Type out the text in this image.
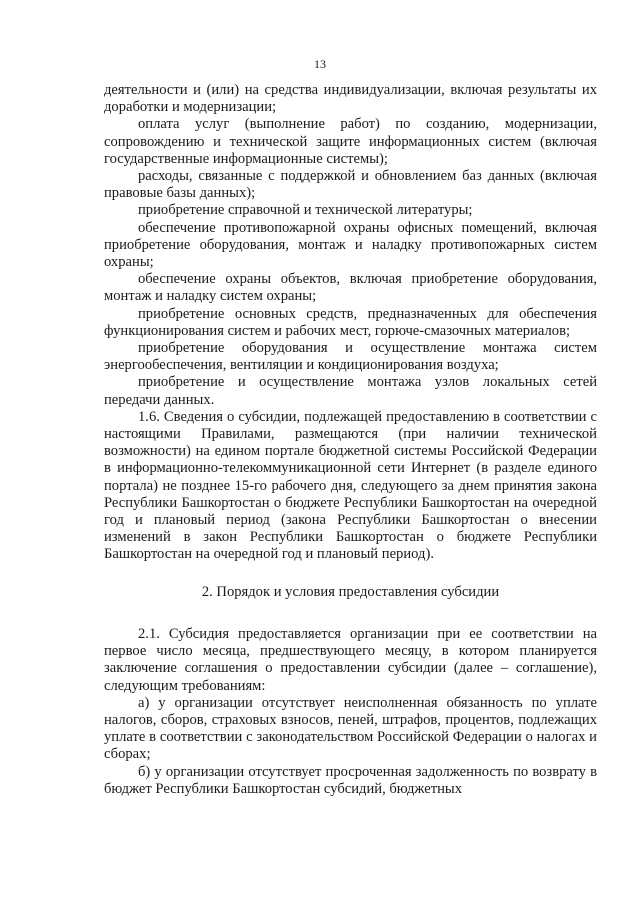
13

деятельности и (или) на средства индивидуализации, включая результаты их доработки и модернизации;

оплата услуг (выполнение работ) по созданию, модернизации, сопровождению и технической защите информационных систем (включая государственные информационные системы);

расходы, связанные с поддержкой и обновлением баз данных (включая правовые базы данных);

приобретение справочной и технической литературы;

обеспечение противопожарной охраны офисных помещений, включая приобретение оборудования, монтаж и наладку противопожарных систем охраны;

обеспечение охраны объектов, включая приобретение оборудования, монтаж и наладку систем охраны;

приобретение основных средств, предназначенных для обеспечения функционирования систем и рабочих мест, горюче-смазочных материалов;

приобретение оборудования и осуществление монтажа систем энергообеспечения, вентиляции и кондиционирования воздуха;

приобретение и осуществление монтажа узлов локальных сетей передачи данных.

1.6. Сведения о субсидии, подлежащей предоставлению в соответствии с настоящими Правилами, размещаются (при наличии технической возможности) на едином портале бюджетной системы Российской Федерации в информационно-телекоммуникационной сети Интернет (в разделе единого портала) не позднее 15-го рабочего дня, следующего за днем принятия закона Республики Башкортостан о бюджете Республики Башкортостан на очередной год и плановый период (закона Республики Башкортостан о внесении изменений в закон Республики Башкортостан о бюджете Республики Башкортостан на очередной год и плановый период).

2. Порядок и условия предоставления субсидии

2.1. Субсидия предоставляется организации при ее соответствии на первое число месяца, предшествующего месяцу, в котором планируется заключение соглашения о предоставлении субсидии (далее – соглашение), следующим требованиям:

а) у организации отсутствует неисполненная обязанность по уплате налогов, сборов, страховых взносов, пеней, штрафов, процентов, подлежащих уплате в соответствии с законодательством Российской Федерации о налогах и сборах;

б) у организации отсутствует просроченная задолженность по возврату в бюджет Республики Башкортостан субсидий, бюджетных
